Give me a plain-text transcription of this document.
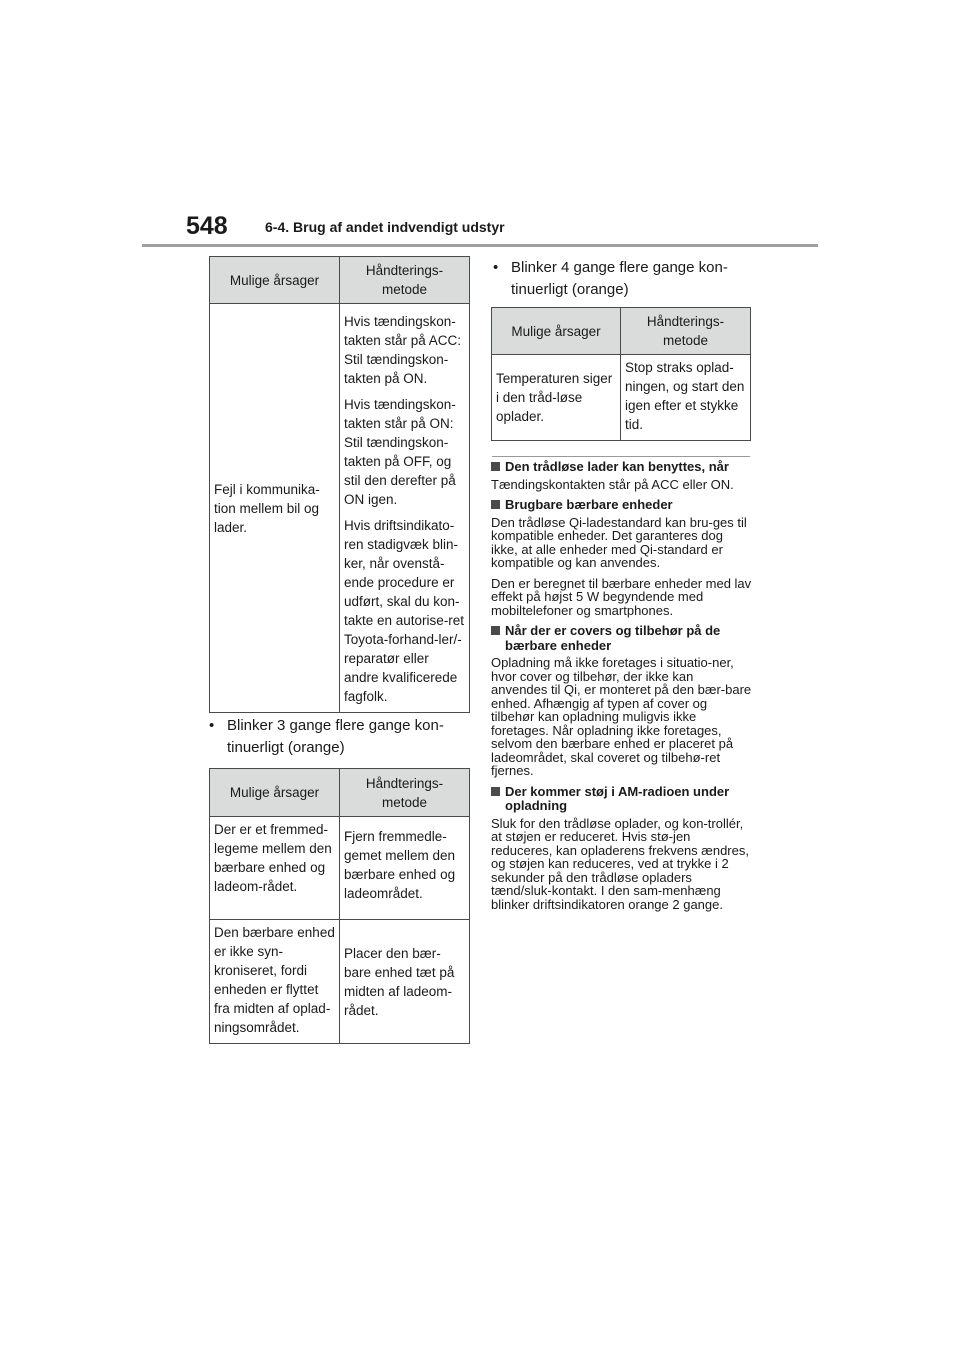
548	6-4. Brug af andet indvendigt udstyr
Mulige årsager	Håndterings-metode
Fejl i kommunika-tion mellem bil og lader.	Hvis tændingskon-takten står på ACC: Stil tændingskon-takten på ON.

Hvis tændingskon-takten står på ON: Stil tændingskon-takten på OFF, og stil den derefter på ON igen.

Hvis driftsindikato-ren stadigvæk blin-ker, når ovenstå-ende procedure er udført, skal du kon-takte en autorise-ret Toyota-forhand-ler/-reparatør eller andre kvalificerede fagfolk.

• Blinker 3 gange flere gange kon-tinuerligt (orange)
Mulige årsager	Håndterings-metode
Der er et fremmed-legeme mellem den bærbare enhed og ladeom-rådet.	Fjern fremmedle-gemet mellem den bærbare enhed og ladeområdet.
Den bærbare enhed er ikke syn-kroniseret, fordi enheden er flyttet fra midten af oplad-ningsområdet.	Placer den bær-bare enhed tæt på midten af ladeom-rådet.
• Blinker 4 gange flere gange kon-tinuerligt (orange)
Mulige årsager	Håndterings-metode
Temperaturen siger i den tråd-løse oplader.	Stop straks oplad-ningen, og start den igen efter et stykke tid.
Den trådløse lader kan benyttes, når

Tændingskontakten står på ACC eller ON.

Brugbare bærbare enheder

Den trådløse Qi-ladestandard kan bru-ges til kompatible enheder. Det garanteres dog ikke, at alle enheder med Qi-standard er kompatible og kan anvendes.

Den er beregnet til bærbare enheder med lav effekt på højst 5 W begyndende med mobiltelefoner og smartphones.

Når der er covers og tilbehør på de bærbare enheder

Opladning må ikke foretages i situatio-ner, hvor cover og tilbehør, der ikke kan anvendes til Qi, er monteret på den bær-bare enhed. Afhængig af typen af cover og tilbehør kan opladning muligvis ikke foretages. Når opladning ikke foretages, selvom den bærbare enhed er placeret på ladeområdet, skal coveret og tilbehø-ret fjernes.

Der kommer støj i AM-radioen under opladning

Sluk for den trådløse oplader, og kon-trollér, at støjen er reduceret. Hvis stø-jen reduceres, kan opladerens frekvens ændres, og støjen kan reduceres, ved at trykke i 2 sekunder på den trådløse opladers tænd/sluk-kontakt. I den sam-menhæng blinker driftsindikatoren orange 2 gange.
